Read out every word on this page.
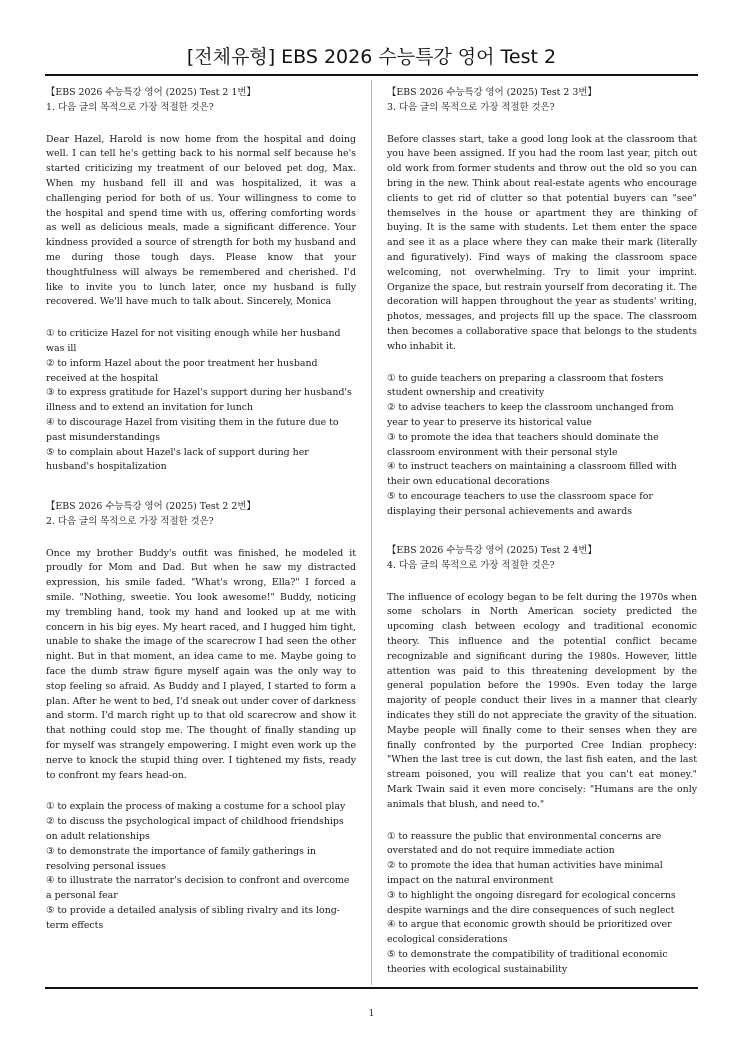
[전체유형] EBS 2026 수능특강 영어 Test 2
【EBS 2026 수능특강 영어 (2025) Test 2 1번】
1. 다음 글의 목적으로 가장 적절한 것은?
Dear Hazel, Harold is now home from the hospital and doing well. I can tell he's getting back to his normal self because he's started criticizing my treatment of our beloved pet dog, Max. When my husband fell ill and was hospitalized, it was a challenging period for both of us. Your willingness to come to the hospital and spend time with us, offering comforting words as well as delicious meals, made a significant difference. Your kindness provided a source of strength for both my husband and me during those tough days. Please know that your thoughtfulness will always be remembered and cherished. I'd like to invite you to lunch later, once my husband is fully recovered. We'll have much to talk about. Sincerely, Monica
① to criticize Hazel for not visiting enough while her husband was ill
② to inform Hazel about the poor treatment her husband received at the hospital
③ to express gratitude for Hazel's support during her husband's illness and to extend an invitation for lunch
④ to discourage Hazel from visiting them in the future due to past misunderstandings
⑤ to complain about Hazel's lack of support during her husband's hospitalization
【EBS 2026 수능특강 영어 (2025) Test 2 2번】
2. 다음 글의 목적으로 가장 적절한 것은?
Once my brother Buddy's outfit was finished, he modeled it proudly for Mom and Dad. But when he saw my distracted expression, his smile faded. "What's wrong, Ella?" I forced a smile. "Nothing, sweetie. You look awesome!" Buddy, noticing my trembling hand, took my hand and looked up at me with concern in his big eyes. My heart raced, and I hugged him tight, unable to shake the image of the scarecrow I had seen the other night. But in that moment, an idea came to me. Maybe going to face the dumb straw figure myself again was the only way to stop feeling so afraid. As Buddy and I played, I started to form a plan. After he went to bed, I'd sneak out under cover of darkness and storm. I'd march right up to that old scarecrow and show it that nothing could stop me. The thought of finally standing up for myself was strangely empowering. I might even work up the nerve to knock the stupid thing over. I tightened my fists, ready to confront my fears head-on.
① to explain the process of making a costume for a school play
② to discuss the psychological impact of childhood friendships on adult relationships
③ to demonstrate the importance of family gatherings in resolving personal issues
④ to illustrate the narrator's decision to confront and overcome a personal fear
⑤ to provide a detailed analysis of sibling rivalry and its long-term effects
【EBS 2026 수능특강 영어 (2025) Test 2 3번】
3. 다음 글의 목적으로 가장 적절한 것은?
Before classes start, take a good long look at the classroom that you have been assigned. If you had the room last year, pitch out old work from former students and throw out the old so you can bring in the new. Think about real-estate agents who encourage clients to get rid of clutter so that potential buyers can "see" themselves in the house or apartment they are thinking of buying. It is the same with students. Let them enter the space and see it as a place where they can make their mark (literally and figuratively). Find ways of making the classroom space welcoming, not overwhelming. Try to limit your imprint. Organize the space, but restrain yourself from decorating it. The decoration will happen throughout the year as students' writing, photos, messages, and projects fill up the space. The classroom then becomes a collaborative space that belongs to the students who inhabit it.
① to guide teachers on preparing a classroom that fosters student ownership and creativity
② to advise teachers to keep the classroom unchanged from year to year to preserve its historical value
③ to promote the idea that teachers should dominate the classroom environment with their personal style
④ to instruct teachers on maintaining a classroom filled with their own educational decorations
⑤ to encourage teachers to use the classroom space for displaying their personal achievements and awards
【EBS 2026 수능특강 영어 (2025) Test 2 4번】
4. 다음 글의 목적으로 가장 적절한 것은?
The influence of ecology began to be felt during the 1970s when some scholars in North American society predicted the upcoming clash between ecology and traditional economic theory. This influence and the potential conflict became recognizable and significant during the 1980s. However, little attention was paid to this threatening development by the general population before the 1990s. Even today the large majority of people conduct their lives in a manner that clearly indicates they still do not appreciate the gravity of the situation. Maybe people will finally come to their senses when they are finally confronted by the purported Cree Indian prophecy: "When the last tree is cut down, the last fish eaten, and the last stream poisoned, you will realize that you can't eat money." Mark Twain said it even more concisely: "Humans are the only animals that blush, and need to."
① to reassure the public that environmental concerns are overstated and do not require immediate action
② to promote the idea that human activities have minimal impact on the natural environment
③ to highlight the ongoing disregard for ecological concerns despite warnings and the dire consequences of such neglect
④ to argue that economic growth should be prioritized over ecological considerations
⑤ to demonstrate the compatibility of traditional economic theories with ecological sustainability
1
